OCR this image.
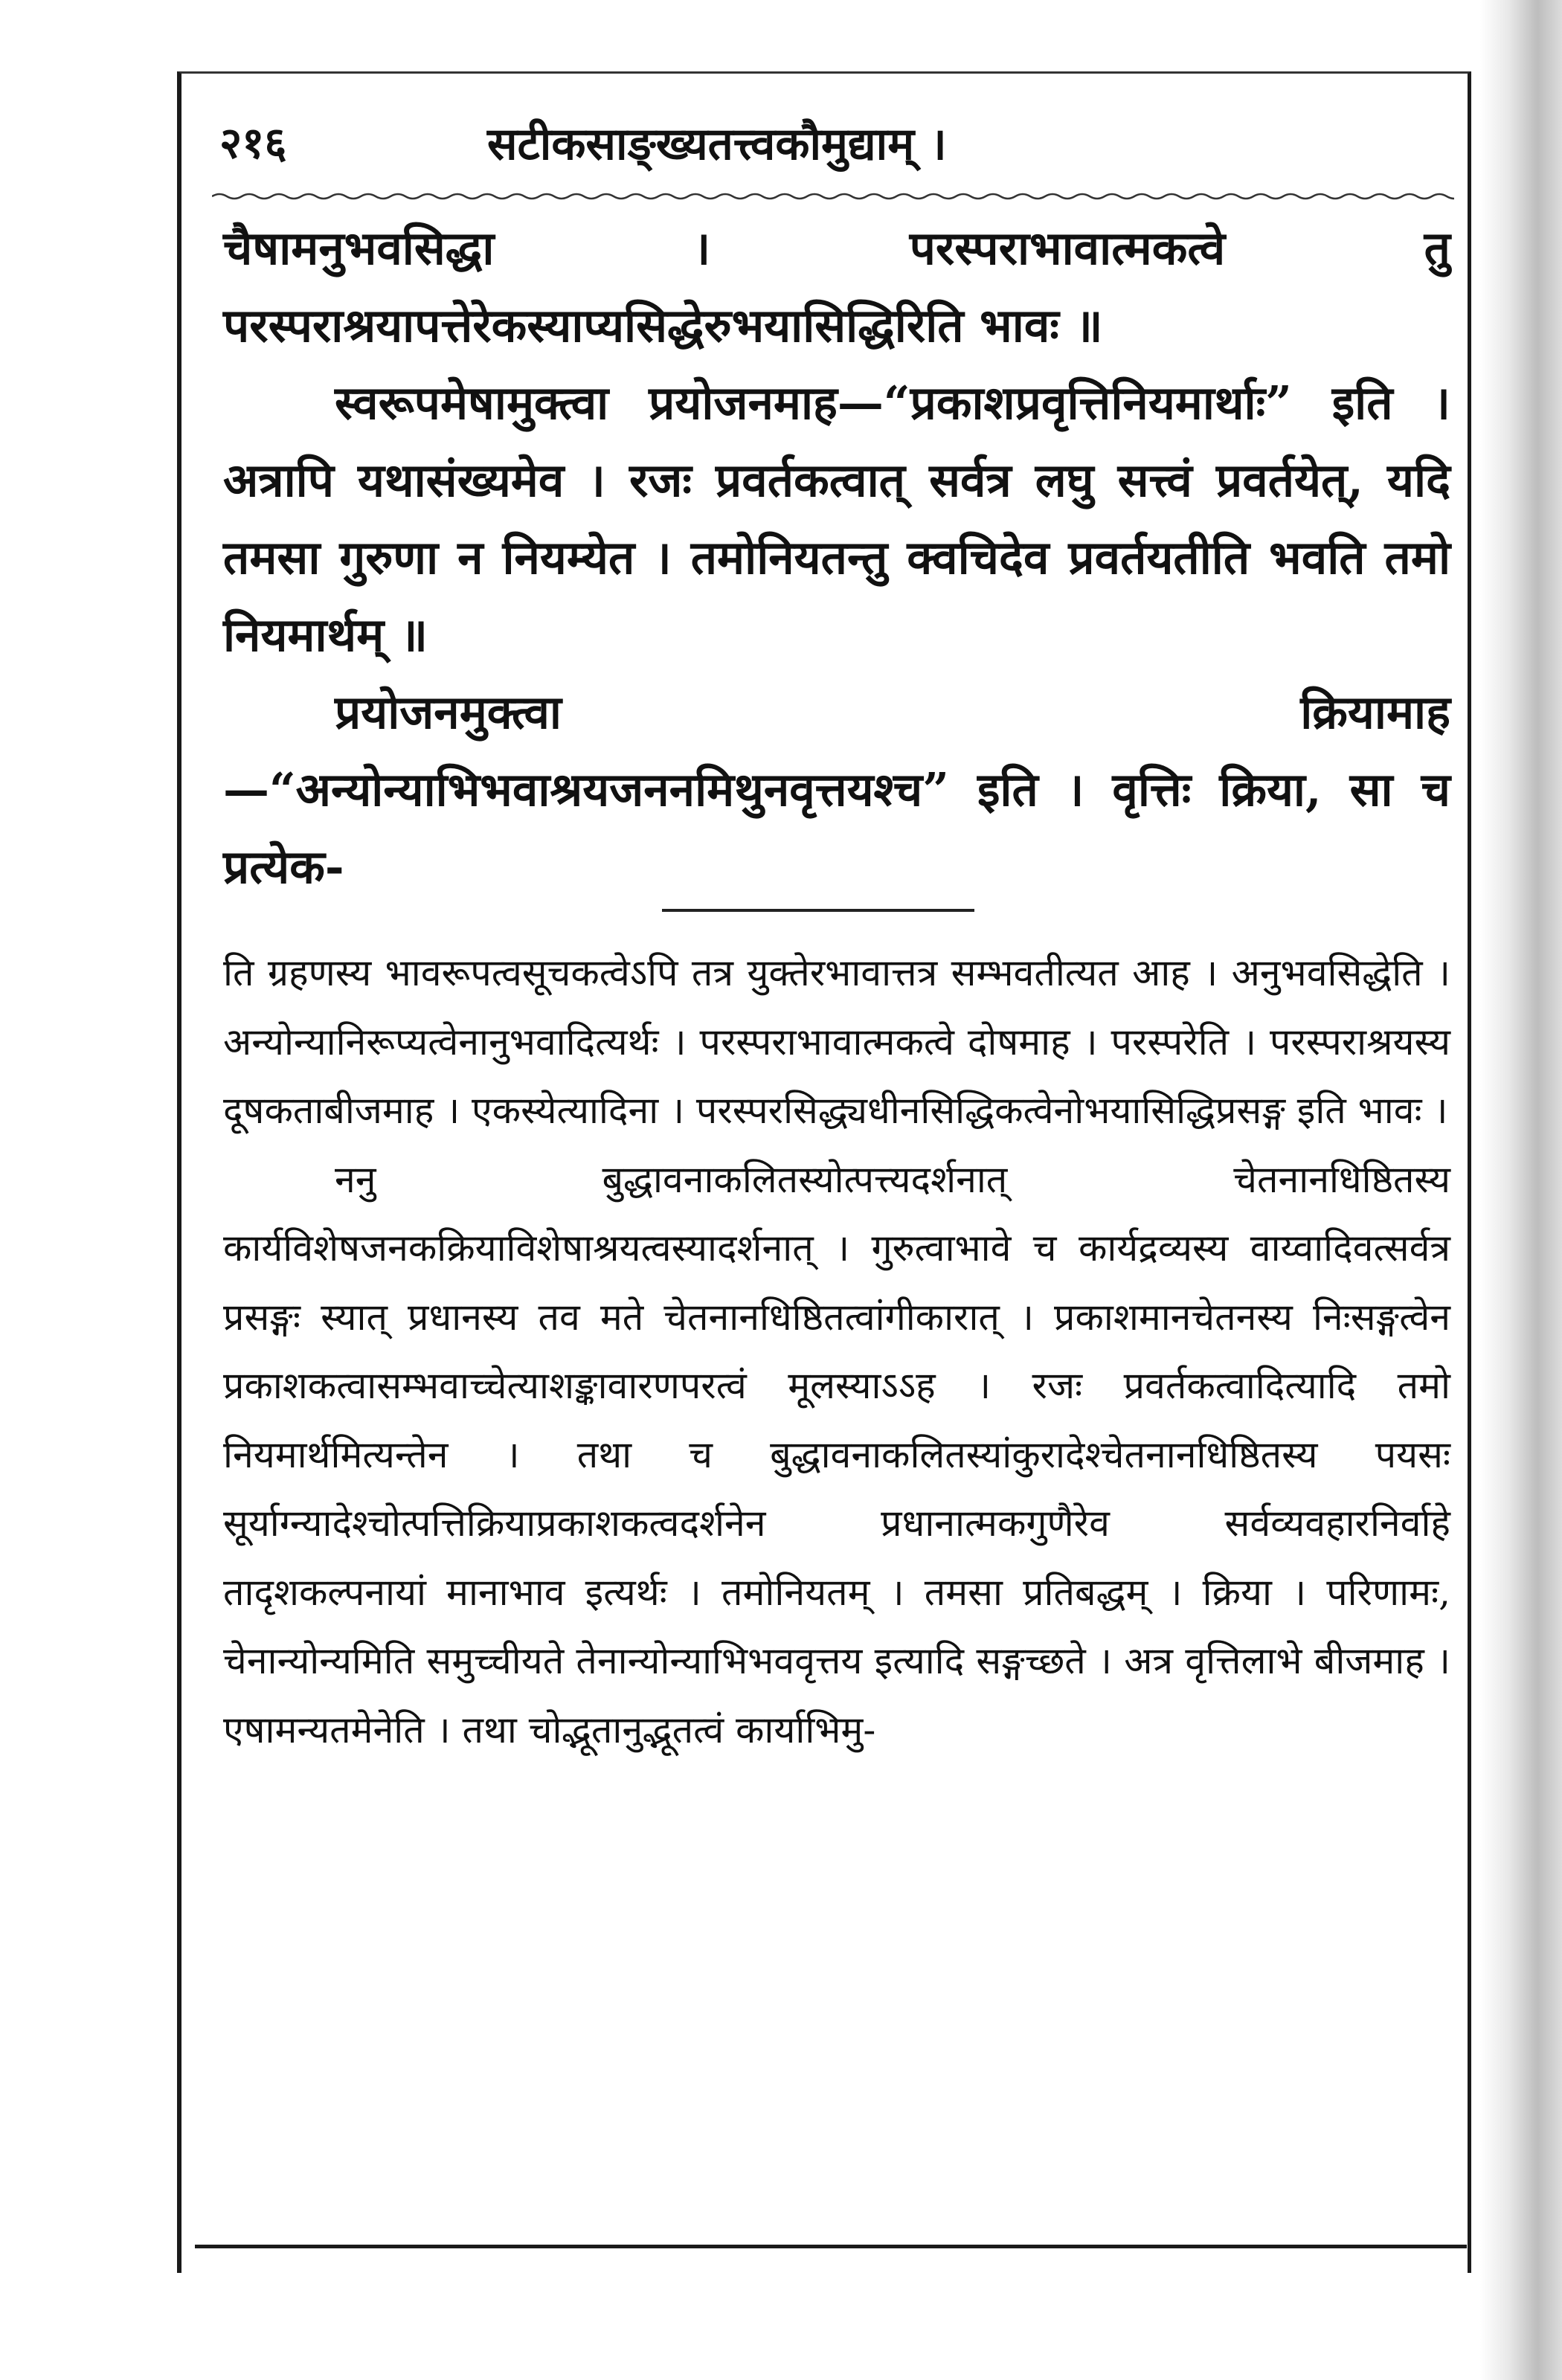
२१६	सटीकसाङ्ख्यतत्त्वकौमुद्याम् ।

चैषामनुभवसिद्धा । परस्पराभावात्मकत्वे तु परस्पराश्रयापत्तेरेकस्याप्यसिद्धेरुभयासिद्धिरिति भावः ॥

स्वरूपमेषामुक्त्वा प्रयोजनमाह—“प्रकाशप्रवृत्तिनियमार्थाः” इति । अत्रापि यथासंख्यमेव । रजः प्रवर्तकत्वात् सर्वत्र लघु सत्त्वं प्रवर्तयेत्, यदि तमसा गुरुणा न नियम्येत । तमोनियतन्तु क्वचिदेव प्रवर्तयतीति भवति तमो नियमार्थम् ॥

प्रयोजनमुक्त्वा क्रियामाह—“अन्योन्याभिभवाश्रयजननमिथुनवृत्तयश्च” इति । वृत्तिः क्रिया, सा च प्रत्येक-

ति ग्रहणस्य भावरूपत्वसूचकत्वेऽपि तत्र युक्तेरभावात्तत्र सम्भवतीत्यत आह । अनुभवसिद्धेति । अन्योन्यानिरूप्यत्वेनानुभवादित्यर्थः । परस्पराभावात्मकत्वे दोषमाह । परस्परेति । परस्पराश्रयस्य दूषकताबीजमाह । एकस्येत्यादिना । परस्परसिद्ध्यधीनसिद्धिकत्वेनोभयासिद्धिप्रसङ्ग इति भावः ।

ननु बुद्धावनाकलितस्योत्पत्त्यदर्शनात् चेतनानधिष्ठितस्य कार्यविशेषजनकक्रियाविशेषाश्रयत्वस्यादर्शनात् । गुरुत्वाभावे च कार्यद्रव्यस्य वाय्वादिवत्सर्वत्र प्रसङ्गः स्यात् प्रधानस्य तव मते चेतनानधिष्ठितत्वांगीकारात् । प्रकाशमानचेतनस्य निःसङ्गत्वेन प्रकाशकत्वासम्भवाच्चेत्याशङ्कावारणपरत्वं मूलस्याऽऽह । रजः प्रवर्तकत्वादित्यादि तमो नियमार्थमित्यन्तेन । तथा च बुद्धावनाकलितस्यांकुरादेश्चेतनानधिष्ठितस्य पयसः सूर्याग्न्यादेश्चोत्पत्तिक्रियाप्रकाशकत्वदर्शनेन प्रधानात्मकगुणैरेव सर्वव्यवहारनिर्वाहे तादृशकल्पनायां मानाभाव इत्यर्थः । तमोनियतम् । तमसा प्रतिबद्धम् । क्रिया । परिणामः, चेनान्योन्यमिति समुच्चीयते तेनान्योन्याभिभववृत्तय इत्यादि सङ्गच्छते । अत्र वृत्तिलाभे बीजमाह । एषामन्यतमेनेति । तथा चोद्भूतानुद्भूतत्वं कार्याभिमु-
